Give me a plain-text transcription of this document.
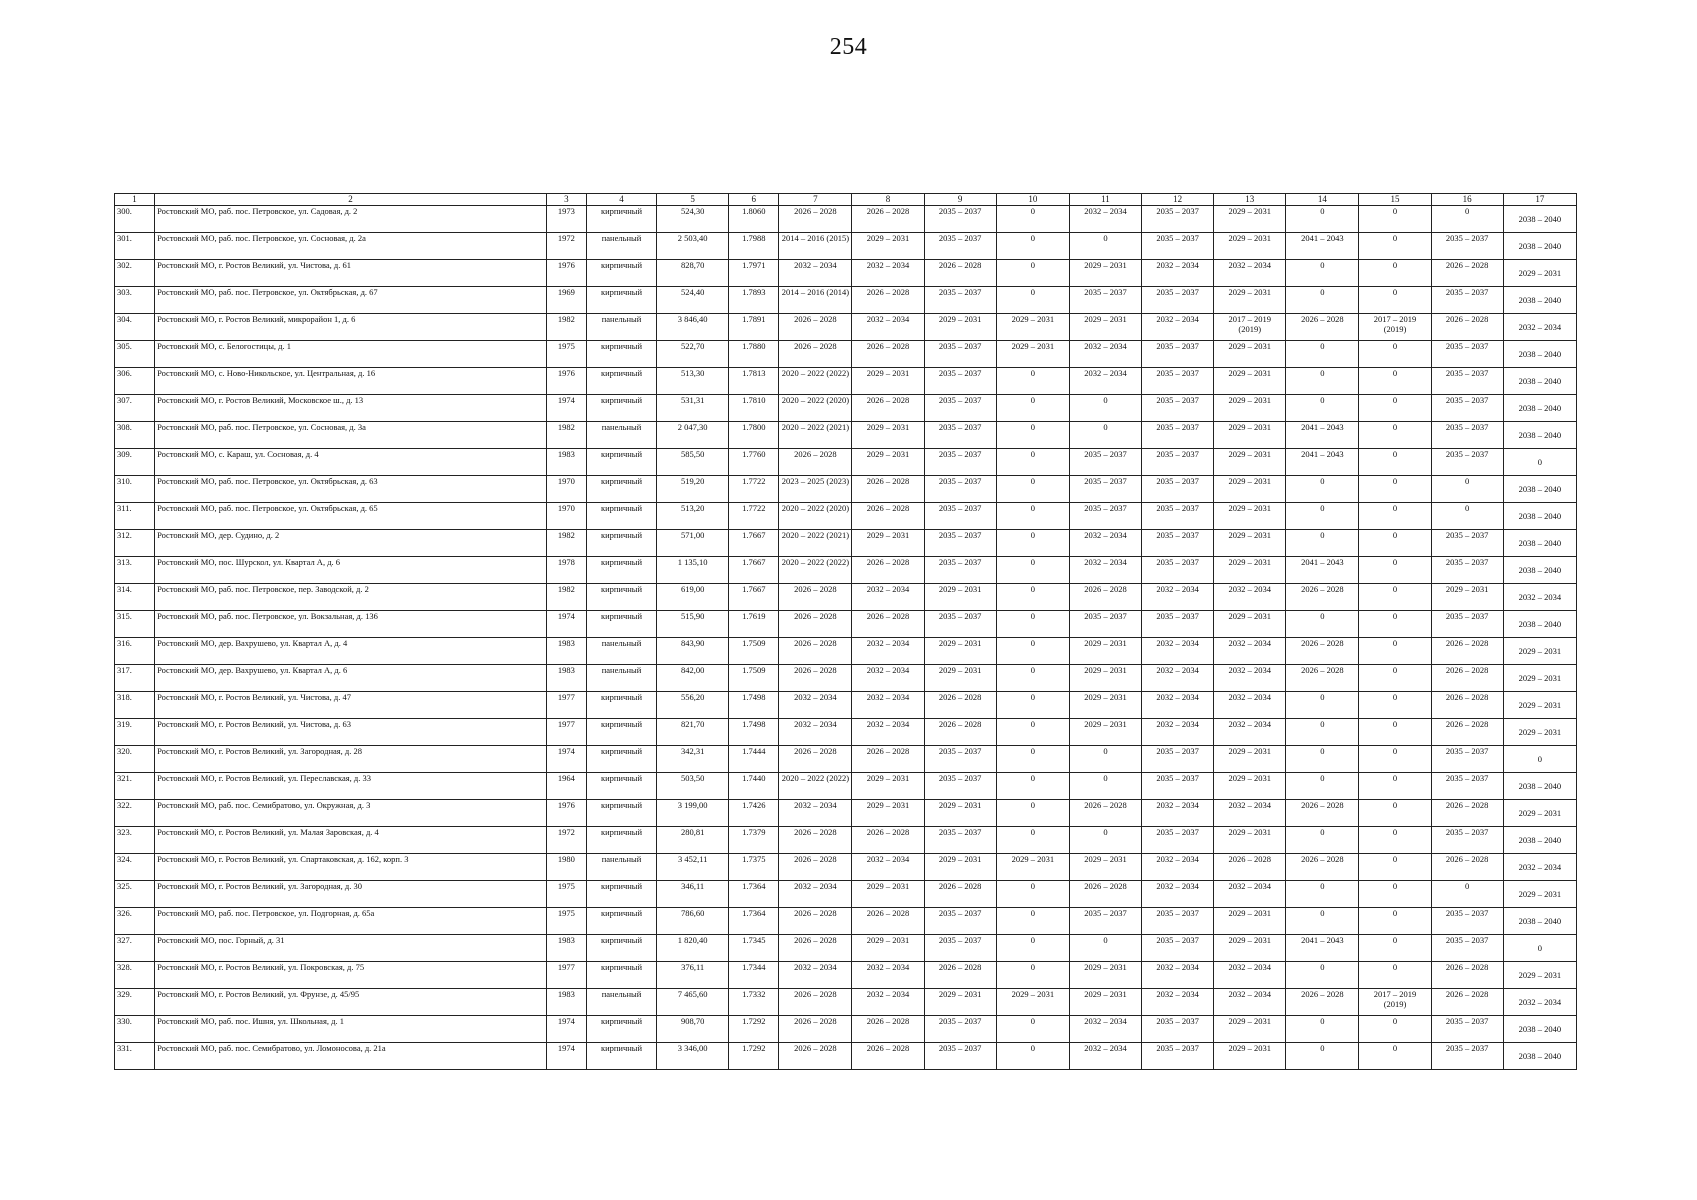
254
1	2	3	4	5	6	7	8	9	10	11	12	13	14	15	16	17
300.	Ростовский МО, раб. пос. Петровское, ул. Садовая, д. 2	1973	кирпичный	524,30	1.8060	2026 – 2028	2026 – 2028	2035 – 2037	0	2032 – 2034	2035 – 2037	2029 – 2031	0	0	0	2038 – 2040
301.	Ростовский МО, раб. пос. Петровское, ул. Сосновая, д. 2а	1972	панельный	2 503,40	1.7988	2014 – 2016 (2015)	2029 – 2031	2035 – 2037	0	0	2035 – 2037	2029 – 2031	2041 – 2043	0	2035 – 2037	2038 – 2040
302.	Ростовский МО, г. Ростов Великий, ул. Чистова, д. 61	1976	кирпичный	828,70	1.7971	2032 – 2034	2032 – 2034	2026 – 2028	0	2029 – 2031	2032 – 2034	2032 – 2034	0	0	2026 – 2028	2029 – 2031
303.	Ростовский МО, раб. пос. Петровское, ул. Октябрьская, д. 67	1969	кирпичный	524,40	1.7893	2014 – 2016 (2014)	2026 – 2028	2035 – 2037	0	2035 – 2037	2035 – 2037	2029 – 2031	0	0	2035 – 2037	2038 – 2040
304.	Ростовский МО, г. Ростов Великий, микрорайон 1, д. 6	1982	панельный	3 846,40	1.7891	2026 – 2028	2032 – 2034	2029 – 2031	2029 – 2031	2029 – 2031	2032 – 2034	2017 – 2019 (2019)	2026 – 2028	2017 – 2019 (2019)	2026 – 2028	2032 – 2034
305.	Ростовский МО, с. Белогостицы, д. 1	1975	кирпичный	522,70	1.7880	2026 – 2028	2026 – 2028	2035 – 2037	2029 – 2031	2032 – 2034	2035 – 2037	2029 – 2031	0	0	2035 – 2037	2038 – 2040
306.	Ростовский МО, с. Ново-Никольское, ул. Центральная, д. 16	1976	кирпичный	513,30	1.7813	2020 – 2022 (2022)	2029 – 2031	2035 – 2037	0	2032 – 2034	2035 – 2037	2029 – 2031	0	0	2035 – 2037	2038 – 2040
307.	Ростовский МО, г. Ростов Великий, Московское ш., д. 13	1974	кирпичный	531,31	1.7810	2020 – 2022 (2020)	2026 – 2028	2035 – 2037	0	0	2035 – 2037	2029 – 2031	0	0	2035 – 2037	2038 – 2040
308.	Ростовский МО, раб. пос. Петровское, ул. Сосновая, д. 3а	1982	панельный	2 047,30	1.7800	2020 – 2022 (2021)	2029 – 2031	2035 – 2037	0	0	2035 – 2037	2029 – 2031	2041 – 2043	0	2035 – 2037	2038 – 2040
309.	Ростовский МО, с. Караш, ул. Сосновая, д. 4	1983	кирпичный	585,50	1.7760	2026 – 2028	2029 – 2031	2035 – 2037	0	2035 – 2037	2035 – 2037	2029 – 2031	2041 – 2043	0	2035 – 2037	0
310.	Ростовский МО, раб. пос. Петровское, ул. Октябрьская, д. 63	1970	кирпичный	519,20	1.7722	2023 – 2025 (2023)	2026 – 2028	2035 – 2037	0	2035 – 2037	2035 – 2037	2029 – 2031	0	0	0	2038 – 2040
311.	Ростовский МО, раб. пос. Петровское, ул. Октябрьская, д. 65	1970	кирпичный	513,20	1.7722	2020 – 2022 (2020)	2026 – 2028	2035 – 2037	0	2035 – 2037	2035 – 2037	2029 – 2031	0	0	0	2038 – 2040
312.	Ростовский МО, дер. Судино, д. 2	1982	кирпичный	571,00	1.7667	2020 – 2022 (2021)	2029 – 2031	2035 – 2037	0	2032 – 2034	2035 – 2037	2029 – 2031	0	0	2035 – 2037	2038 – 2040
313.	Ростовский МО, пос. Шурскол, ул. Квартал А, д. 6	1978	кирпичный	1 135,10	1.7667	2020 – 2022 (2022)	2026 – 2028	2035 – 2037	0	2032 – 2034	2035 – 2037	2029 – 2031	2041 – 2043	0	2035 – 2037	2038 – 2040
314.	Ростовский МО, раб. пос. Петровское, пер. Заводской, д. 2	1982	кирпичный	619,00	1.7667	2026 – 2028	2032 – 2034	2029 – 2031	0	2026 – 2028	2032 – 2034	2032 – 2034	2026 – 2028	0	2029 – 2031	2032 – 2034
315.	Ростовский МО, раб. пос. Петровское, ул. Вокзальная, д. 136	1974	кирпичный	515,90	1.7619	2026 – 2028	2026 – 2028	2035 – 2037	0	2035 – 2037	2035 – 2037	2029 – 2031	0	0	2035 – 2037	2038 – 2040
316.	Ростовский МО, дер. Вахрушево, ул. Квартал А, д. 4	1983	панельный	843,90	1.7509	2026 – 2028	2032 – 2034	2029 – 2031	0	2029 – 2031	2032 – 2034	2032 – 2034	2026 – 2028	0	2026 – 2028	2029 – 2031
317.	Ростовский МО, дер. Вахрушево, ул. Квартал А, д. 6	1983	панельный	842,00	1.7509	2026 – 2028	2032 – 2034	2029 – 2031	0	2029 – 2031	2032 – 2034	2032 – 2034	2026 – 2028	0	2026 – 2028	2029 – 2031
318.	Ростовский МО, г. Ростов Великий, ул. Чистова, д. 47	1977	кирпичный	556,20	1.7498	2032 – 2034	2032 – 2034	2026 – 2028	0	2029 – 2031	2032 – 2034	2032 – 2034	0	0	2026 – 2028	2029 – 2031
319.	Ростовский МО, г. Ростов Великий, ул. Чистова, д. 63	1977	кирпичный	821,70	1.7498	2032 – 2034	2032 – 2034	2026 – 2028	0	2029 – 2031	2032 – 2034	2032 – 2034	0	0	2026 – 2028	2029 – 2031
320.	Ростовский МО, г. Ростов Великий, ул. Загородная, д. 28	1974	кирпичный	342,31	1.7444	2026 – 2028	2026 – 2028	2035 – 2037	0	0	2035 – 2037	2029 – 2031	0	0	2035 – 2037	0
321.	Ростовский МО, г. Ростов Великий, ул. Переславская, д. 33	1964	кирпичный	503,50	1.7440	2020 – 2022 (2022)	2029 – 2031	2035 – 2037	0	0	2035 – 2037	2029 – 2031	0	0	2035 – 2037	2038 – 2040
322.	Ростовский МО, раб. пос. Семибратово, ул. Окружная, д. 3	1976	кирпичный	3 199,00	1.7426	2032 – 2034	2029 – 2031	2029 – 2031	0	2026 – 2028	2032 – 2034	2032 – 2034	2026 – 2028	0	2026 – 2028	2029 – 2031
323.	Ростовский МО, г. Ростов Великий, ул. Малая Заровская, д. 4	1972	кирпичный	280,81	1.7379	2026 – 2028	2026 – 2028	2035 – 2037	0	0	2035 – 2037	2029 – 2031	0	0	2035 – 2037	2038 – 2040
324.	Ростовский МО, г. Ростов Великий, ул. Спартаковская, д. 162, корп. 3	1980	панельный	3 452,11	1.7375	2026 – 2028	2032 – 2034	2029 – 2031	2029 – 2031	2029 – 2031	2032 – 2034	2026 – 2028	2026 – 2028	0	2026 – 2028	2032 – 2034
325.	Ростовский МО, г. Ростов Великий, ул. Загородная, д. 30	1975	кирпичный	346,11	1.7364	2032 – 2034	2029 – 2031	2026 – 2028	0	2026 – 2028	2032 – 2034	2032 – 2034	0	0	0	2029 – 2031
326.	Ростовский МО, раб. пос. Петровское, ул. Подгорная, д. 65а	1975	кирпичный	786,60	1.7364	2026 – 2028	2026 – 2028	2035 – 2037	0	2035 – 2037	2035 – 2037	2029 – 2031	0	0	2035 – 2037	2038 – 2040
327.	Ростовский МО, пос. Горный, д. 31	1983	кирпичный	1 820,40	1.7345	2026 – 2028	2029 – 2031	2035 – 2037	0	0	2035 – 2037	2029 – 2031	2041 – 2043	0	2035 – 2037	0
328.	Ростовский МО, г. Ростов Великий, ул. Покровская, д. 75	1977	кирпичный	376,11	1.7344	2032 – 2034	2032 – 2034	2026 – 2028	0	2029 – 2031	2032 – 2034	2032 – 2034	0	0	2026 – 2028	2029 – 2031
329.	Ростовский МО, г. Ростов Великий, ул. Фрунзе, д. 45/95	1983	панельный	7 465,60	1.7332	2026 – 2028	2032 – 2034	2029 – 2031	2029 – 2031	2029 – 2031	2032 – 2034	2032 – 2034	2026 – 2028	2017 – 2019 (2019)	2026 – 2028	2032 – 2034
330.	Ростовский МО, раб. пос. Ишня, ул. Школьная, д. 1	1974	кирпичный	908,70	1.7292	2026 – 2028	2026 – 2028	2035 – 2037	0	2032 – 2034	2035 – 2037	2029 – 2031	0	0	2035 – 2037	2038 – 2040
331.	Ростовский МО, раб. пос. Семибратово, ул. Ломоносова, д. 21а	1974	кирпичный	3 346,00	1.7292	2026 – 2028	2026 – 2028	2035 – 2037	0	2032 – 2034	2035 – 2037	2029 – 2031	0	0	2035 – 2037	2038 – 2040
